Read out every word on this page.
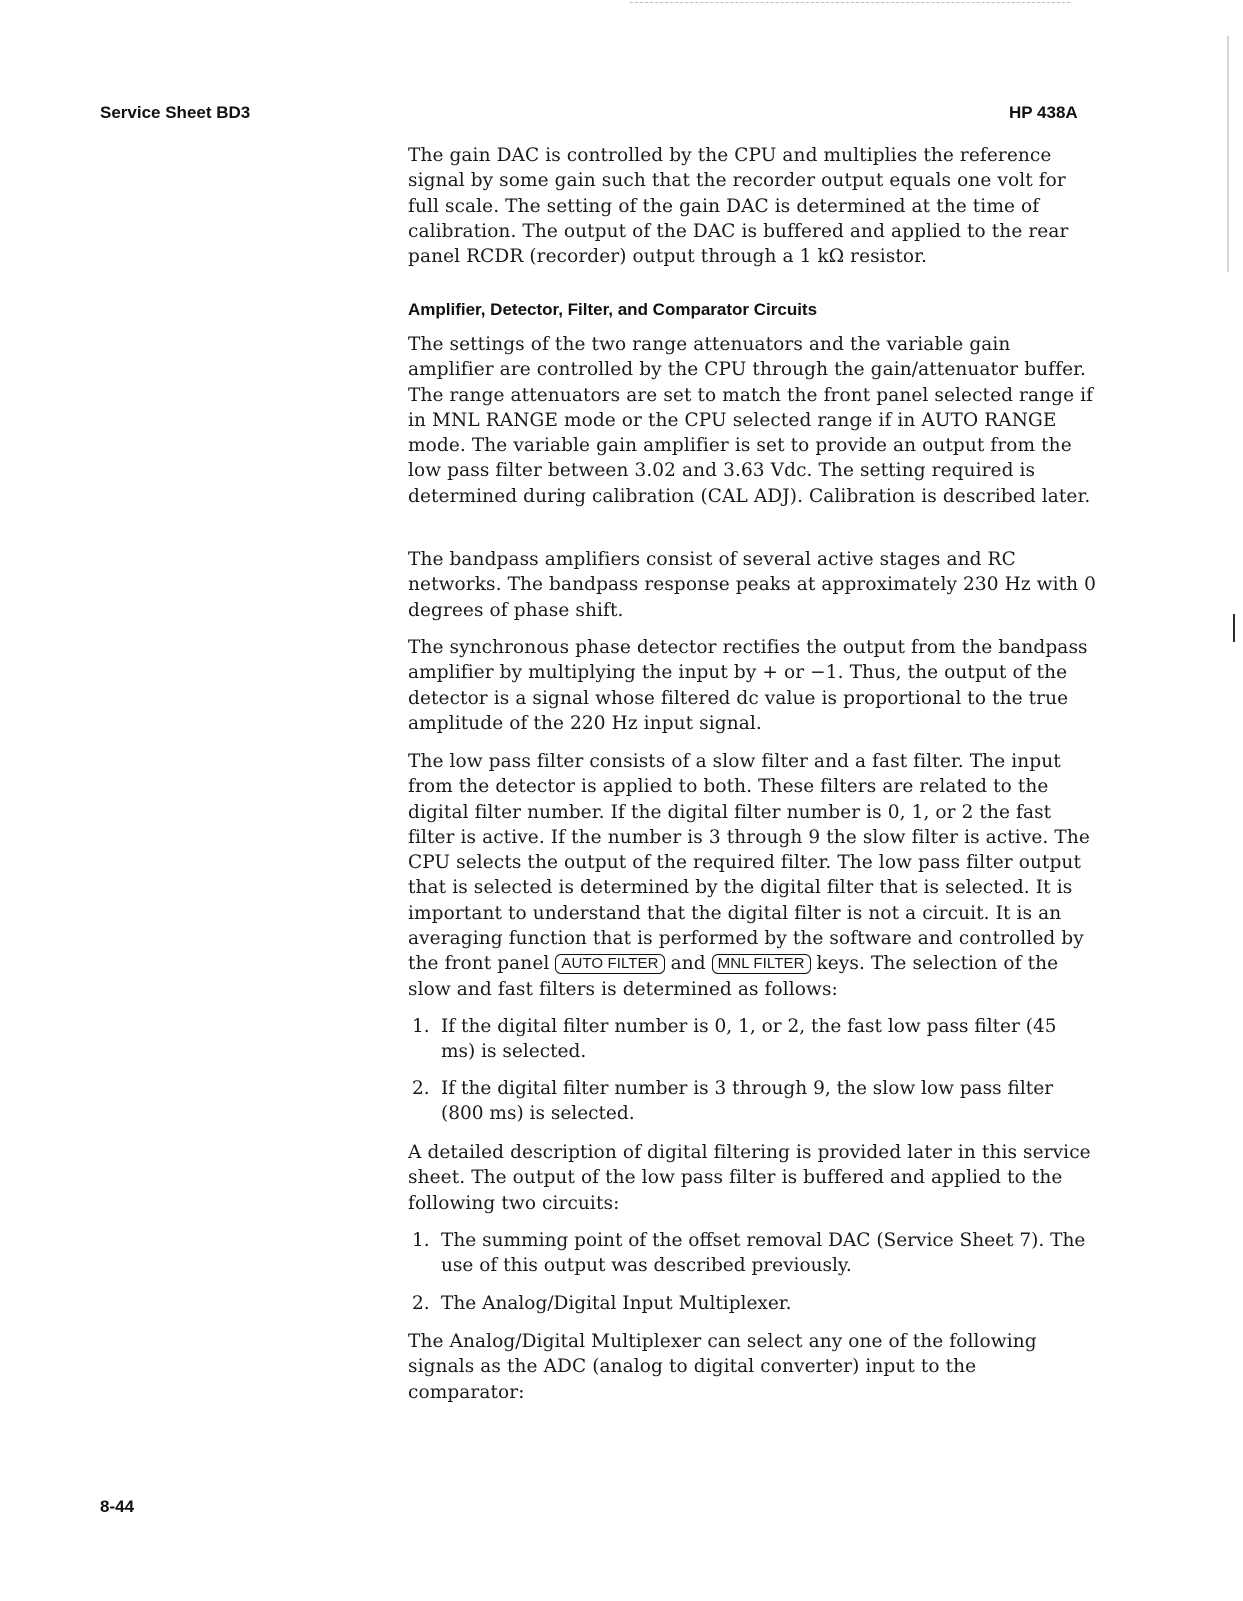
Service Sheet BD3	HP 438A

The gain DAC is controlled by the CPU and multiplies the reference signal by some gain such that the recorder output equals one volt for full scale. The setting of the gain DAC is determined at the time of calibration. The output of the DAC is buffered and applied to the rear panel RCDR (recorder) output through a 1 kΩ resistor.

Amplifier, Detector, Filter, and Comparator Circuits

The settings of the two range attenuators and the variable gain amplifier are controlled by the CPU through the gain/attenuator buffer. The range attenuators are set to match the front panel selected range if in MNL RANGE mode or the CPU selected range if in AUTO RANGE mode. The variable gain amplifier is set to provide an output from the low pass filter between 3.02 and 3.63 Vdc. The setting required is determined during calibration (CAL ADJ). Calibration is described later.

The bandpass amplifiers consist of several active stages and RC networks. The bandpass response peaks at approximately 230 Hz with 0 degrees of phase shift.

The synchronous phase detector rectifies the output from the bandpass amplifier by multiplying the input by + or −1. Thus, the output of the detector is a signal whose filtered dc value is proportional to the true amplitude of the 220 Hz input signal.

The low pass filter consists of a slow filter and a fast filter. The input from the detector is applied to both. These filters are related to the digital filter number. If the digital filter number is 0, 1, or 2 the fast filter is active. If the number is 3 through 9 the slow filter is active. The CPU selects the output of the required filter. The low pass filter output that is selected is determined by the digital filter that is selected. It is important to understand that the digital filter is not a circuit. It is an averaging function that is performed by the software and controlled by the front panel AUTO FILTER and MNL FILTER keys. The selection of the slow and fast filters is determined as follows:

1. If the digital filter number is 0, 1, or 2, the fast low pass filter (45 ms) is selected.
2. If the digital filter number is 3 through 9, the slow low pass filter (800 ms) is selected.

A detailed description of digital filtering is provided later in this service sheet. The output of the low pass filter is buffered and applied to the following two circuits:

1. The summing point of the offset removal DAC (Service Sheet 7). The use of this output was described previously.
2. The Analog/Digital Input Multiplexer.

The Analog/Digital Multiplexer can select any one of the following signals as the ADC (analog to digital converter) input to the comparator:

8-44
